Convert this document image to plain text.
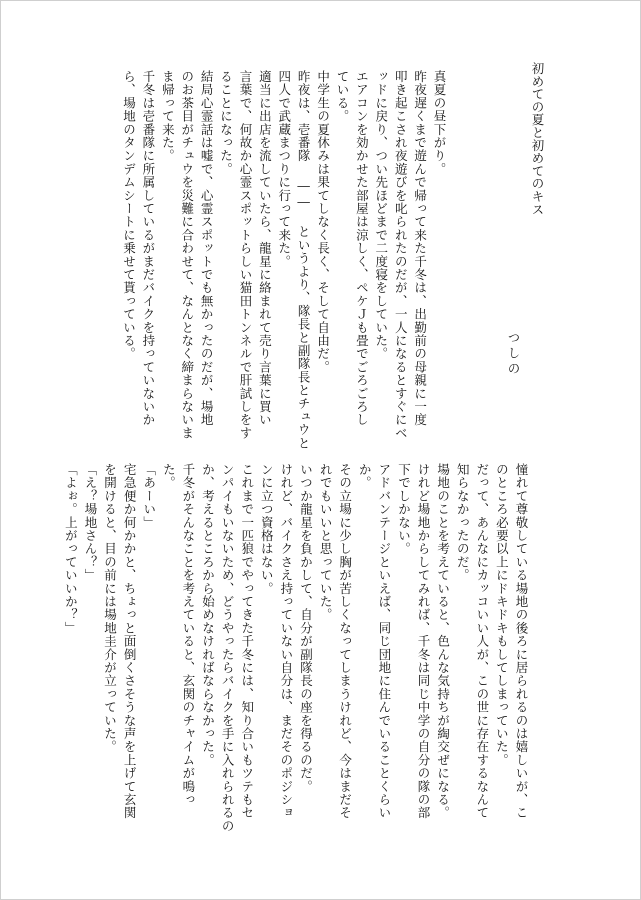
初めての夏と初めてのキス
つしの
真夏の昼下がり。
昨夜遅くまで遊んで帰って来た千冬は、出勤前の母親に一度
叩き起こされ夜遊びを叱られたのだが、一人になるとすぐにベ
ッドに戻り、つい先ほどまで二度寝をしていた。
エアコンを効かせた部屋は涼しく、ペケＪも畳でごろごろし
ている。
中学生の夏休みは果てしなく長く、そして自由だ。
昨夜は、壱番隊 ―― というより、隊長と副隊長とチュウと
四人で武蔵まつりに行って来た。
適当に出店を流していたら、龍星に絡まれて売り言葉に買い
言葉で、何故か心霊スポットらしい猫田トンネルで肝試しをす
ることになった。
結局心霊話は嘘で、心霊スポットでも無かったのだが、場地
のお茶目がチュウを災難に合わせて、なんとなく締まらないま
ま帰って来た。
千冬は壱番隊に所属しているがまだバイクを持っていないか
ら、場地のタンデムシートに乗せて貰っている。
憧れて尊敬している場地の後ろに居られるのは嬉しいが、こ
のところ必要以上にドキドキもしてしまっていた。
だって、あんなにカッコいい人が、この世に存在するなんて
知らなかったのだ。
場地のことを考えていると、色んな気持ちが綯交ぜになる。
けれど場地からしてみれば、千冬は同じ中学の自分の隊の部
下でしかない。
アドバンテージといえば、同じ団地に住んでいることくらい
か。
その立場に少し胸が苦しくなってしまうけれど、今はまだそ
れでもいいと思っていた。
いつか龍星を負かして、自分が副隊長の座を得るのだ。
けれど、バイクさえ持っていない自分は、まだそのポジショ
ンに立つ資格はない。
これまで一匹狼でやってきた千冬には、知り合いもツテもセ
ンパイもいないため、どうやったらバイクを手に入れられるの
か、考えるところから始めなければならなかった。
千冬がそんなことを考えていると、玄関のチャイムが鳴っ
た。
「あーい」
宅急便か何かかと、ちょっと面倒くさそうな声を上げて玄関
を開けると、目の前には場地圭介が立っていた。
「え？場地さん？」
「よぉ。上がっていいか？」
